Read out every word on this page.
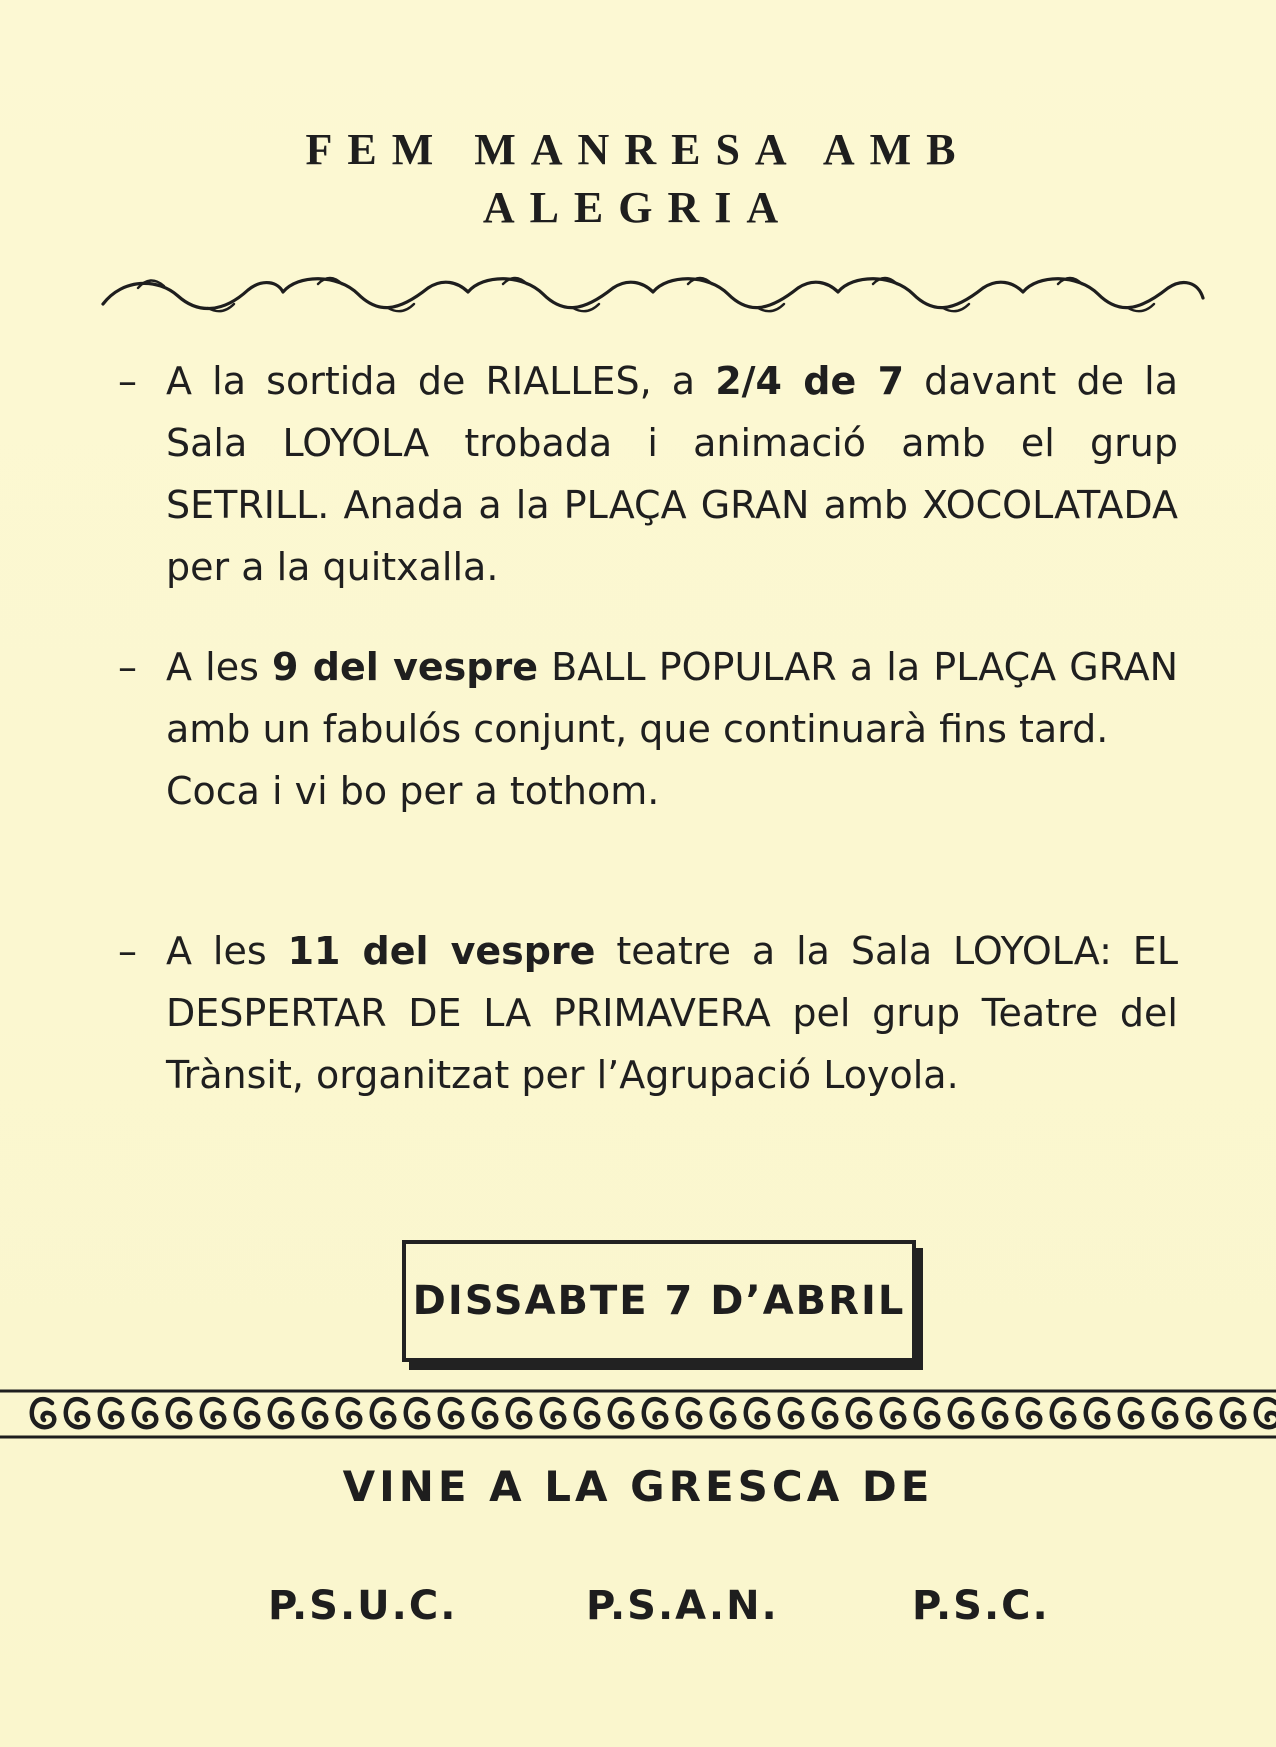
FEM MANRESA AMB
ALEGRIA
– A la sortida de RIALLES, a 2/4 de 7 davant de la Sala LOYOLA trobada i animació amb el grup SETRILL. Anada a la PLAÇA GRAN amb XOCOLATADA per a la quitxalla.
– A les 9 del vespre BALL POPULAR a la PLAÇA GRAN amb un fabulós conjunt, que continuarà fins tard.
Coca i vi bo per a tothom.
– A les 11 del vespre teatre a la Sala LOYOLA: EL DESPERTAR DE LA PRIMAVERA pel grup Teatre del Trànsit, organitzat per l’Agrupació Loyola.
DISSABTE 7 D’ABRIL
VINE A LA GRESCA DE
P.S.U.C.	P.S.A.N.	P.S.C.
